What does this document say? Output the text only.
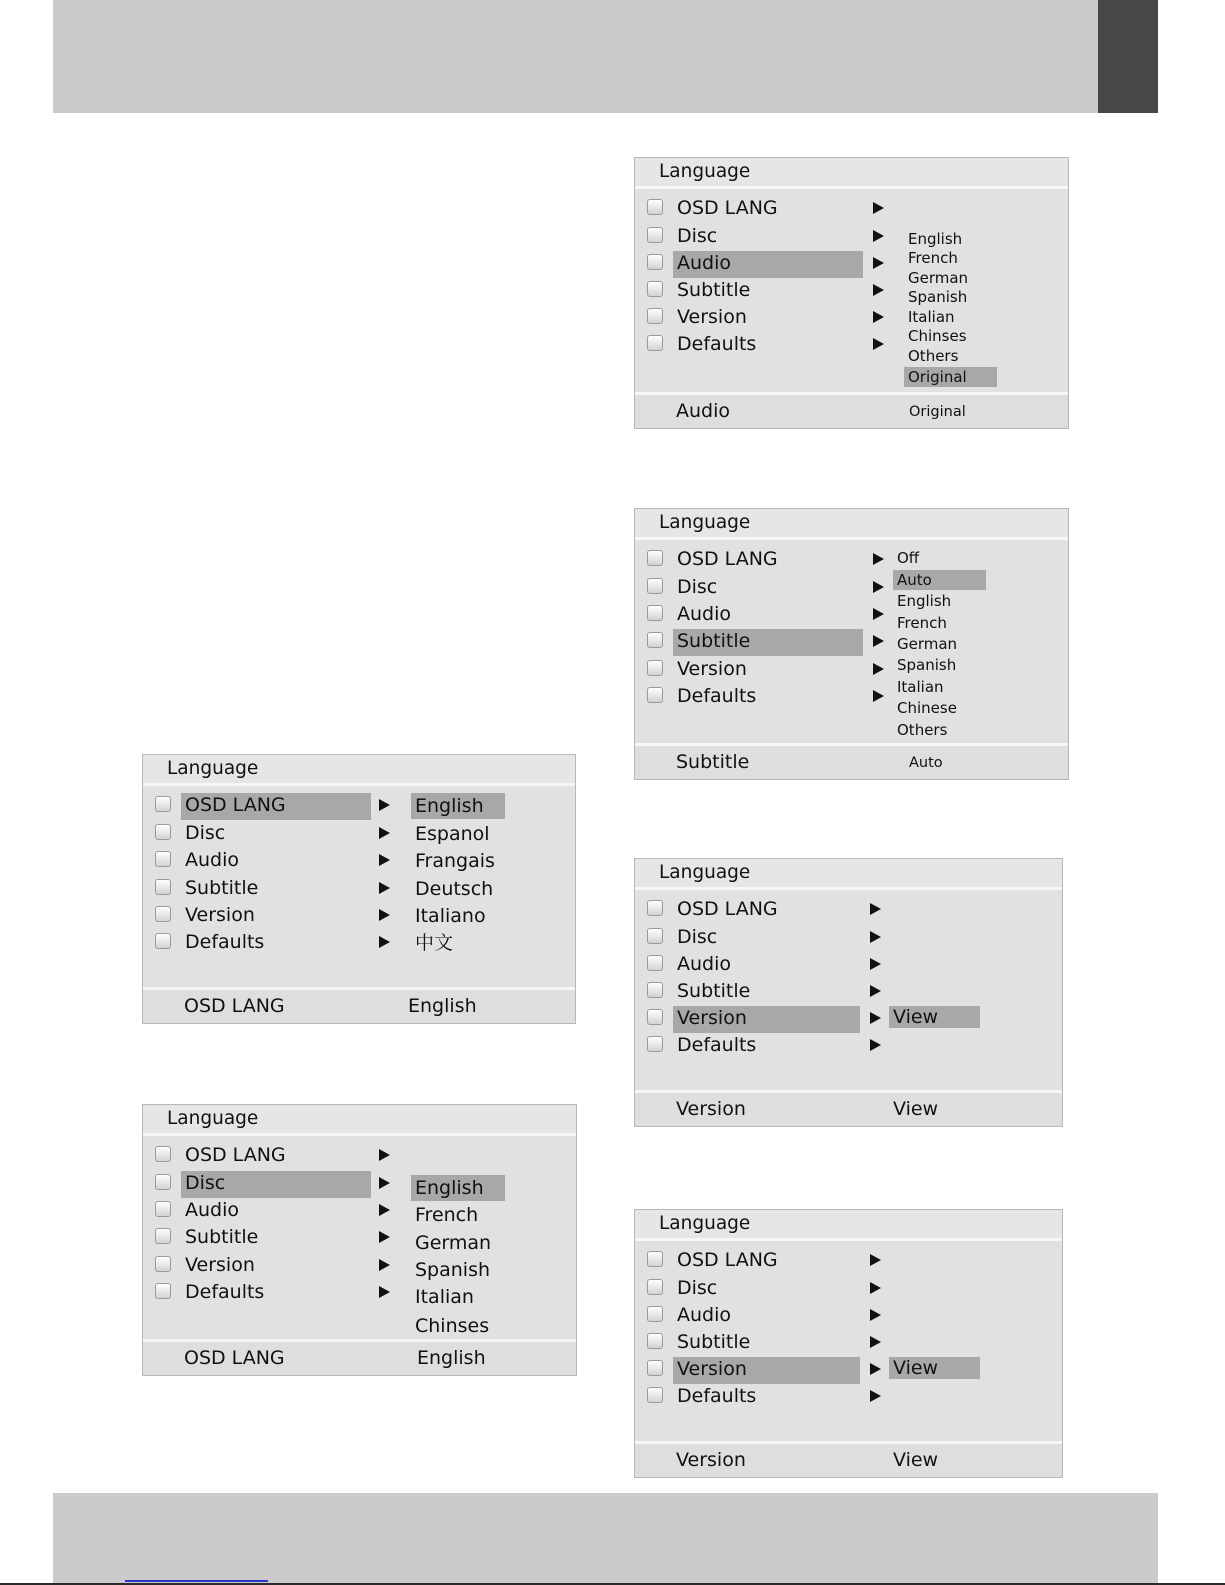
Language
OSD LANG
Disc
Audio
Subtitle
Version
Defaults
English
Espanol
Frangais
Deutsch
Italiano
中文
OSD LANG	English
Language
OSD LANG
Disc
Audio
Subtitle
Version
Defaults
English
French
German
Spanish
Italian
Chinses
OSD LANG	English
Language
OSD LANG
Disc
Audio
Subtitle
Version
Defaults
English
French
German
Spanish
Italian
Chinses
Others
Original
Audio	Original
Language
OSD LANG
Disc
Audio
Subtitle
Version
Defaults
Off
Auto
English
French
German
Spanish
Italian
Chinese
Others
Subtitle	Auto
Language
OSD LANG
Disc
Audio
Subtitle
Version
Defaults
View
Version	View
Language
OSD LANG
Disc
Audio
Subtitle
Version
Defaults
View
Version	View
